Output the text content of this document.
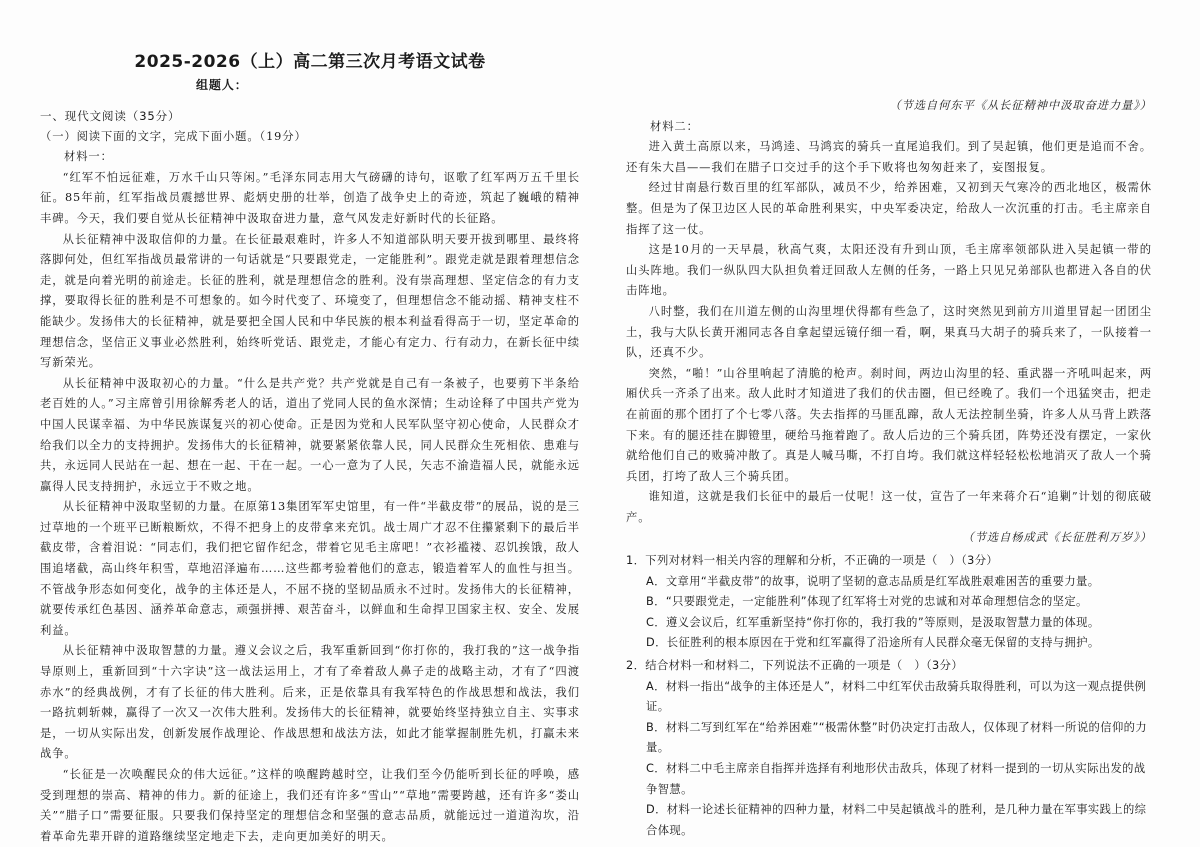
2025-2026（上）高二第三次月考语文试卷
组题人：
一、现代文阅读（35分）
（一）阅读下面的文字，完成下面小题。（19分）
材料一：

“红军不怕远征难，万水千山只等闲。”毛泽东同志用大气磅礴的诗句，讴歌了红军两万五千里长征。85年前，红军指战员震撼世界、彪炳史册的壮举，创造了战争史上的奇迹，筑起了巍峨的精神丰碑。今天，我们要自觉从长征精神中汲取奋进力量，意气风发走好新时代的长征路。

从长征精神中汲取信仰的力量。在长征最艰难时，许多人不知道部队明天要开拔到哪里、最终将落脚何处，但红军指战员最常讲的一句话就是“只要跟党走，一定能胜利”。跟党走就是跟着理想信念走，就是向着光明的前途走。长征的胜利，就是理想信念的胜利。没有崇高理想、坚定信念的有力支撑，要取得长征的胜利是不可想象的。如今时代变了、环境变了，但理想信念不能动摇、精神支柱不能缺少。发扬伟大的长征精神，就是要把全国人民和中华民族的根本利益看得高于一切，坚定革命的理想信念，坚信正义事业必然胜利，始终听党话、跟党走，才能心有定力、行有动力，在新长征中续写新荣光。

从长征精神中汲取初心的力量。“什么是共产党？共产党就是自己有一条被子，也要剪下半条给老百姓的人。”习主席曾引用徐解秀老人的话，道出了党同人民的鱼水深情；生动诠释了中国共产党为中国人民谋幸福、为中华民族谋复兴的初心使命。正是因为党和人民军队坚守初心使命，人民群众才给我们以全力的支持拥护。发扬伟大的长征精神，就要紧紧依靠人民，同人民群众生死相依、患难与共，永远同人民站在一起、想在一起、干在一起。一心一意为了人民，矢志不渝造福人民，就能永远赢得人民支持拥护，永远立于不败之地。

从长征精神中汲取坚韧的力量。在原第13集团军军史馆里，有一件“半截皮带”的展品，说的是三过草地的一个班平已断粮断炊，不得不把身上的皮带拿来充饥。战士周广才忍不住攥紧剩下的最后半截皮带，含着泪说：“同志们，我们把它留作纪念，带着它见毛主席吧！”衣衫褴褛、忍饥挨饿，敌人围追堵截，高山终年积雪，草地沼泽遍布……这些都考验着他们的意志，锻造着军人的血性与担当。不管战争形态如何变化，战争的主体还是人，不屈不挠的坚韧品质永不过时。发扬伟大的长征精神，就要传承红色基因、涵养革命意志，顽强拼搏、艰苦奋斗，以鲜血和生命捍卫国家主权、安全、发展利益。

从长征精神中汲取智慧的力量。遵义会议之后，我军重新回到“你打你的，我打我的”这一战争指导原则上，重新回到“十六字诀”这一战法运用上，才有了牵着敌人鼻子走的战略主动，才有了“四渡赤水”的经典战例，才有了长征的伟大胜利。后来，正是依靠具有我军特色的作战思想和战法，我们一路抗刺斩棘，赢得了一次又一次伟大胜利。发扬伟大的长征精神，就要始终坚持独立自主、实事求是，一切从实际出发，创新发展作战理论、作战思想和战法方法，如此才能掌握制胜先机，打赢未来战争。

“长征是一次唤醒民众的伟大远征。”这样的唤醒跨越时空，让我们至今仍能听到长征的呼唤，感受到理想的崇高、精神的伟力。新的征途上，我们还有许多“雪山”“草地”需要跨越，还有许多“娄山关”“腊子口”需要征服。只要我们保持坚定的理想信念和坚强的意志品质，就能远过一道道沟坎，沿着革命先辈开辟的道路继续坚定地走下去，走向更加美好的明天。

（节选自何东平《从长征精神中汲取奋进力量》）
材料二：

进入黄土高原以来，马鸿逵、马鸿宾的骑兵一直尾追我们。到了吴起镇，他们更是追而不舍。还有朱大昌——我们在腊子口交过手的这个手下败将也匆匆赶来了，妄图报复。

经过甘南悬行数百里的红军部队，减员不少，给养困难，又初到天气寒冷的西北地区，极需休整。但是为了保卫边区人民的革命胜利果实，中央军委决定，给敌人一次沉重的打击。毛主席亲自指挥了这一仗。

这是10月的一天早晨，秋高气爽，太阳还没有升到山顶，毛主席率领部队进入吴起镇一带的山头阵地。我们一纵队四大队担负着迂回敌人左侧的任务，一路上只见兄弟部队也都进入各自的伏击阵地。

八时整，我们在川道左侧的山沟里埋伏得都有些急了，这时突然见到前方川道里冒起一团团尘土，我与大队长黄开湘同志各自拿起望远镜仔细一看，啊，果真马大胡子的骑兵来了，一队接着一队，还真不少。

突然，“啪！”山谷里响起了清脆的枪声。刹时间，两边山沟里的轻、重武器一齐吼叫起来，两厢伏兵一齐杀了出来。敌人此时才知道进了我们的伏击圈，但已经晚了。我们一个迅猛突击，把走在前面的那个团打了个七零八落。失去指挥的马匪乱蹿，敌人无法控制坐骑，许多人从马背上跌落下来。有的腿还挂在脚镫里，硬给马拖着跑了。敌人后边的三个骑兵团，阵势还没有摆定，一家伙就给他们自己的败骑冲散了。真是人喊马嘶，不打自垮。我们就这样轻轻松松地消灭了敌人一个骑兵团，打垮了敌人三个骑兵团。

谁知道，这就是我们长征中的最后一仗呢！这一仗，宣告了一年来蒋介石“追剿”计划的彻底破产。

（节选自杨成武《长征胜利万岁》）
1．下列对材料一相关内容的理解和分析，不正确的一项是（　）（3分）
A．文章用“半截皮带”的故事，说明了坚韧的意志品质是红军战胜艰难困苦的重要力量。
B．“只要跟党走，一定能胜利”体现了红军将士对党的忠诚和对革命理想信念的坚定。
C．遵义会议后，红军重新坚持“你打你的，我打我的”等原则，是汲取智慧力量的体现。
D．长征胜利的根本原因在于党和红军赢得了沿途所有人民群众毫无保留的支持与拥护。
2．结合材料一和材料二，下列说法不正确的一项是（　）（3分）
A．材料一指出“战争的主体还是人”，材料二中红军伏击敌骑兵取得胜利，可以为这一观点提供例证。
B．材料二写到红军在“给养困难”“极需休整”时仍决定打击敌人，仅体现了材料一所说的信仰的力量。
C．材料二中毛主席亲自指挥并选择有利地形伏击敌兵，体现了材料一提到的一切从实际出发的战争智慧。
D．材料一论述长征精神的四种力量，材料二中吴起镇战斗的胜利，是几种力量在军事实践上的综合体现。
